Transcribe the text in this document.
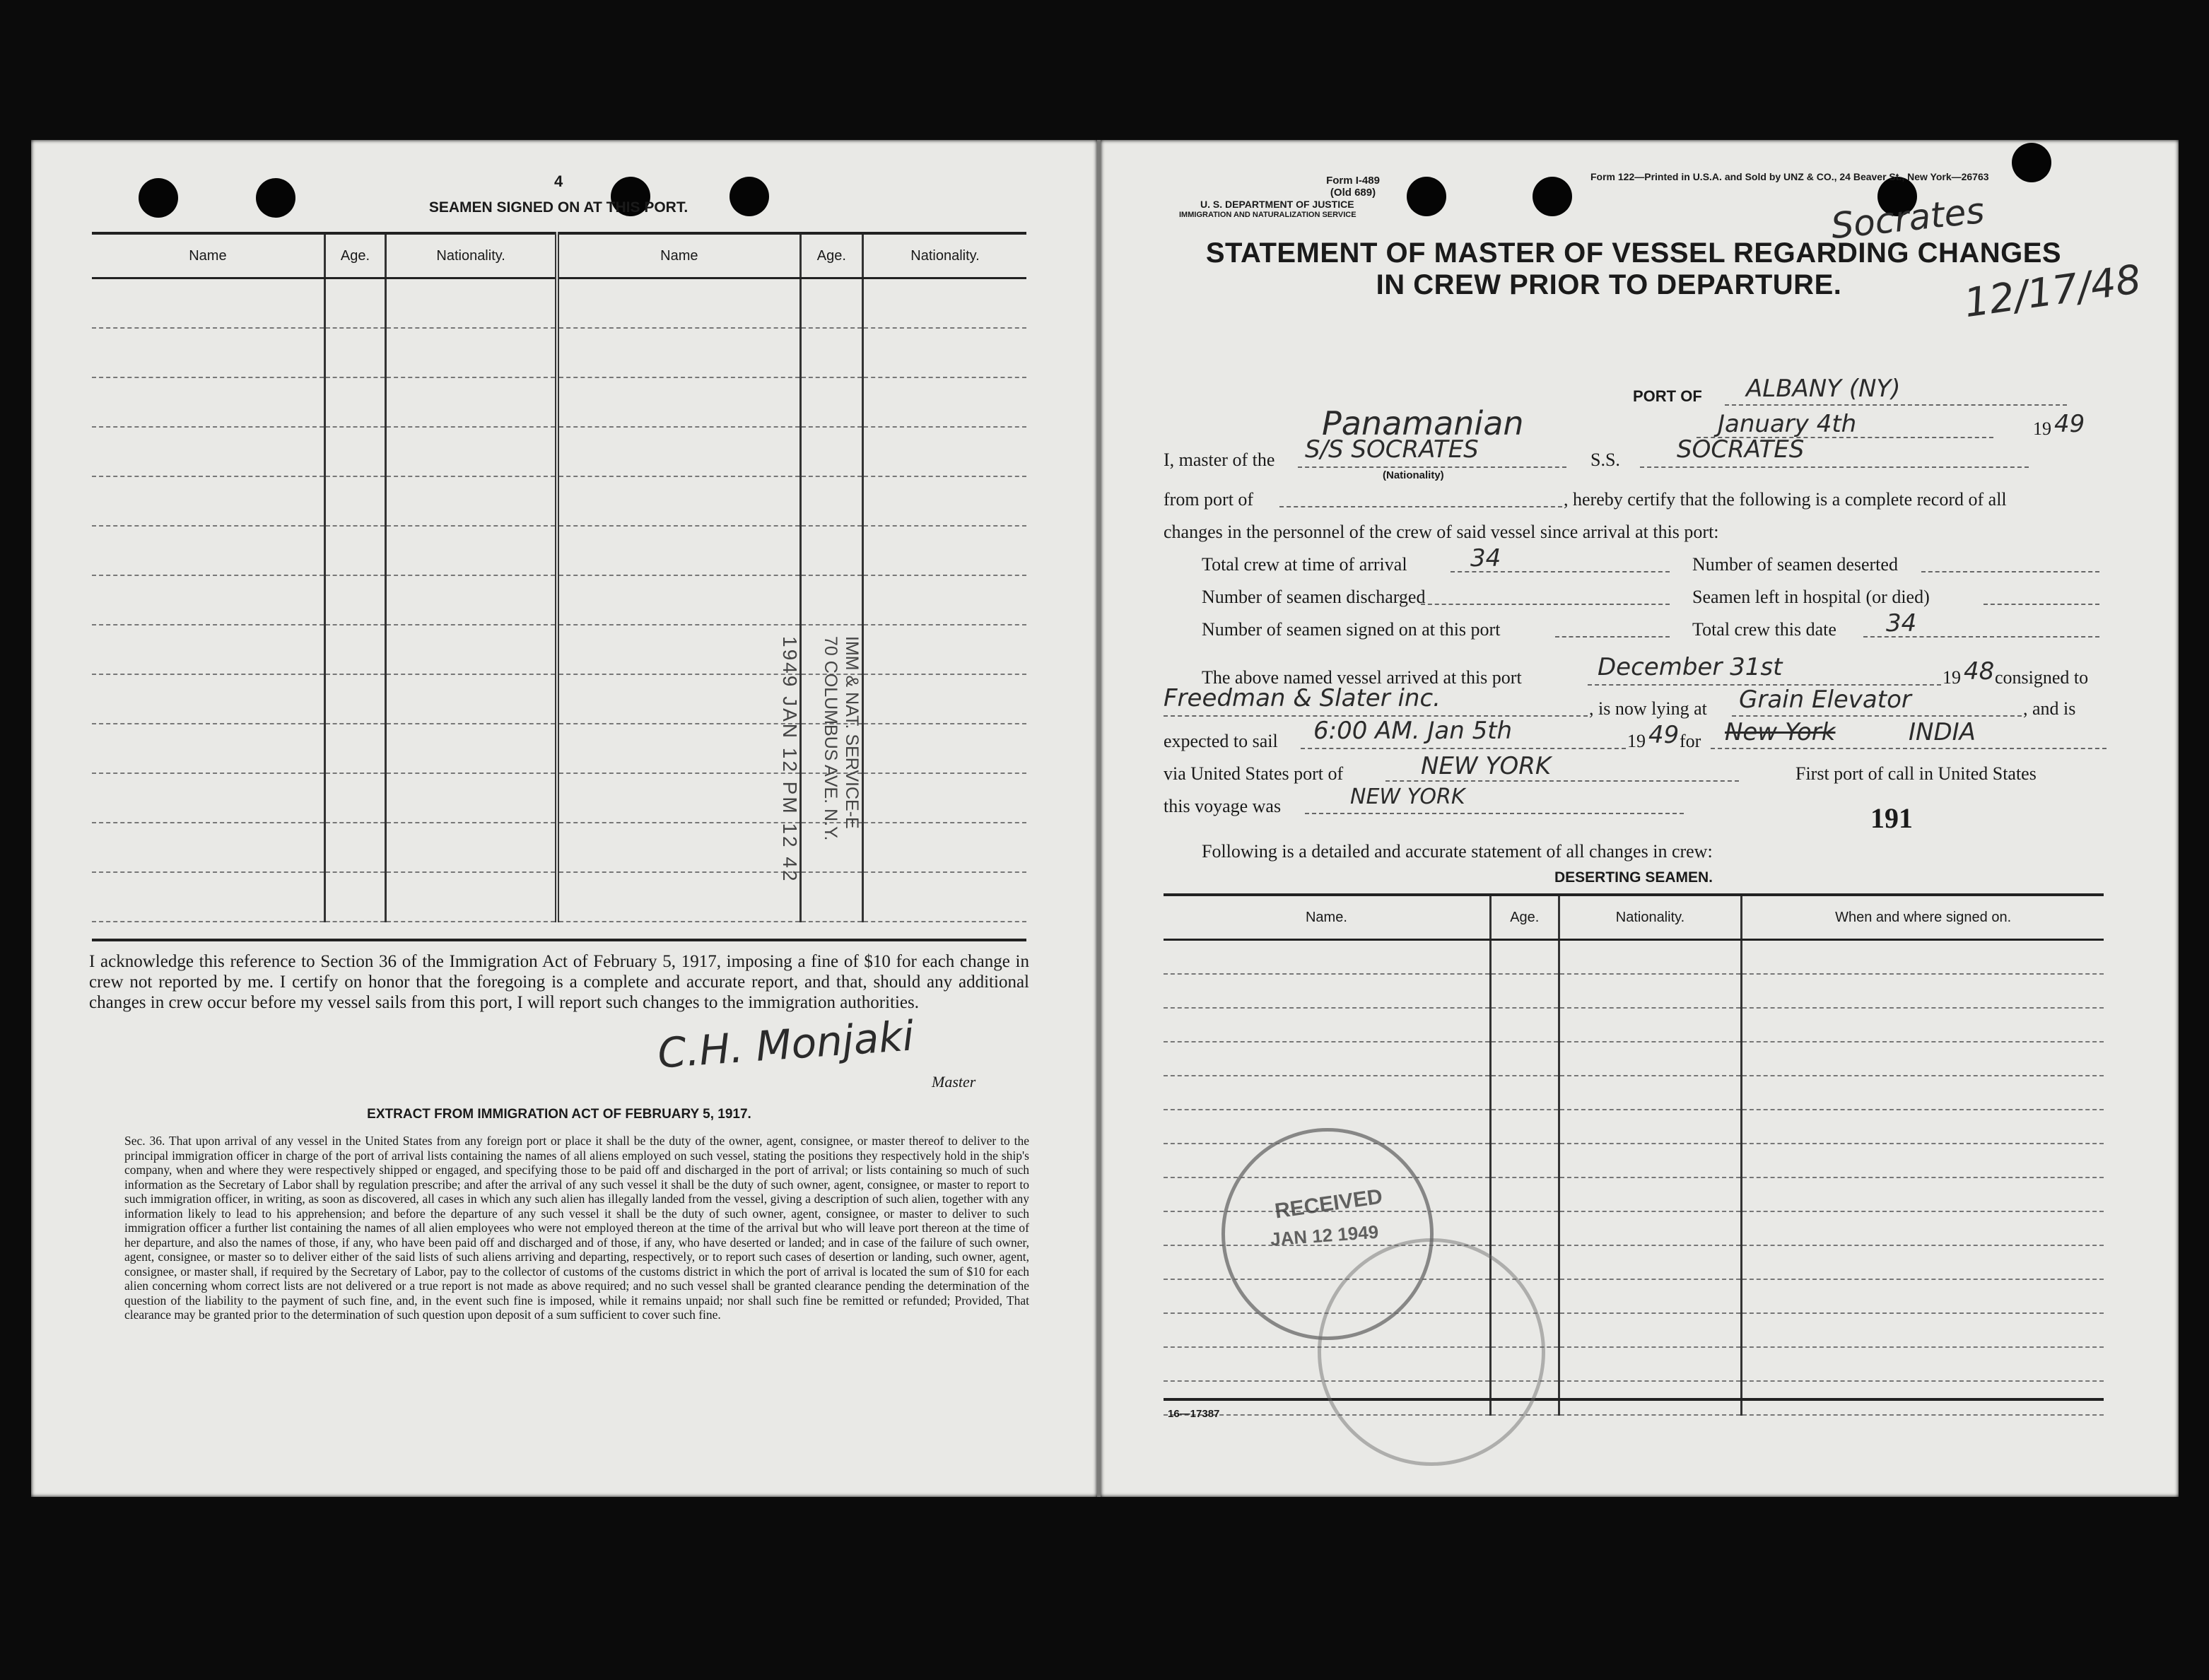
4
SEAMEN SIGNED ON AT THIS PORT.
Name	Age.	Nationality.	Name	Age.	Nationality.

IMM & NAT. SERVICE-E
70 COLUMBUS AVE. N.Y.
1949 JAN 12 PM 12 42
I acknowledge this reference to Section 36 of the Immigration Act of February 5, 1917, imposing a fine of $10 for each change in crew not reported by me. I certify on honor that the foregoing is a complete and accurate report, and that, should any additional changes in crew occur before my vessel sails from this port, I will report such changes to the immigration authorities.
C.H. Monjaki
Master
EXTRACT FROM IMMIGRATION ACT OF FEBRUARY 5, 1917.
Sec. 36. That upon arrival of any vessel in the United States from any foreign port or place it shall be the duty of the owner, agent, consignee, or master thereof to deliver to the principal immigration officer in charge of the port of arrival lists containing the names of all aliens employed on such vessel, stating the positions they respectively hold in the ship's company, when and where they were respectively shipped or engaged, and specifying those to be paid off and discharged in the port of arrival; or lists containing so much of such information as the Secretary of Labor shall by regulation prescribe; and after the arrival of any such vessel it shall be the duty of such owner, agent, consignee, or master to report to such immigration officer, in writing, as soon as discovered, all cases in which any such alien has illegally landed from the vessel, giving a description of such alien, together with any information likely to lead to his apprehension; and before the departure of any such vessel it shall be the duty of such owner, agent, consignee, or master to deliver to such immigration officer a further list containing the names of all alien employees who were not employed thereon at the time of the arrival but who will leave port thereon at the time of her departure, and also the names of those, if any, who have been paid off and discharged and of those, if any, who have deserted or landed; and in case of the failure of such owner, agent, consignee, or master so to deliver either of the said lists of such aliens arriving and departing, respectively, or to report such cases of desertion or landing, such owner, agent, consignee, or master shall, if required by the Secretary of Labor, pay to the collector of customs of the customs district in which the port of arrival is located the sum of $10 for each alien concerning whom correct lists are not delivered or a true report is not made as above required; and no such vessel shall be granted clearance pending the determination of the question of the liability to the payment of such fine, and, in the event such fine is imposed, while it remains unpaid; nor shall such fine be remitted or refunded; Provided, That clearance may be granted prior to the determination of such question upon deposit of a sum sufficient to cover such fine.
Form I-489
(Old 689)
U. S. DEPARTMENT OF JUSTICE
IMMIGRATION AND NATURALIZATION SERVICE
Form 122—Printed in U.S.A. and Sold by UNZ & CO., 24 Beaver St., New York—26763
Socrates
12/17/48
STATEMENT OF MASTER OF VESSEL REGARDING CHANGES
IN CREW PRIOR TO DEPARTURE.
PORT OF ALBANY (NY)
Panamanian	January 4th	19 49
I, master of the S/S SOCRATES
(Nationality)
S.S. SOCRATES
from port of	, hereby certify that the following is a complete record of all
changes in the personnel of the crew of said vessel since arrival at this port:
Total crew at time of arrival	34	Number of seamen deserted
Number of seamen discharged	Seamen left in hospital (or died)
Number of seamen signed on at this port	Total crew this date 34
The above named vessel arrived at this port	December 31st	19 48 consigned to
Freedman & Slater inc.	, is now lying at Grain Elevator	, and is
expected to sail 6:00 AM. Jan 5th	19 49 for New York	INDIA
via United States port of	NEW YORK	First port of call in United States
this voyage was	NEW YORK
191
Following is a detailed and accurate statement of all changes in crew:
DESERTING SEAMEN.
Name.	Age.	Nationality.	When and where signed on.

RECEIVED
JAN 12 1949
16—17387
